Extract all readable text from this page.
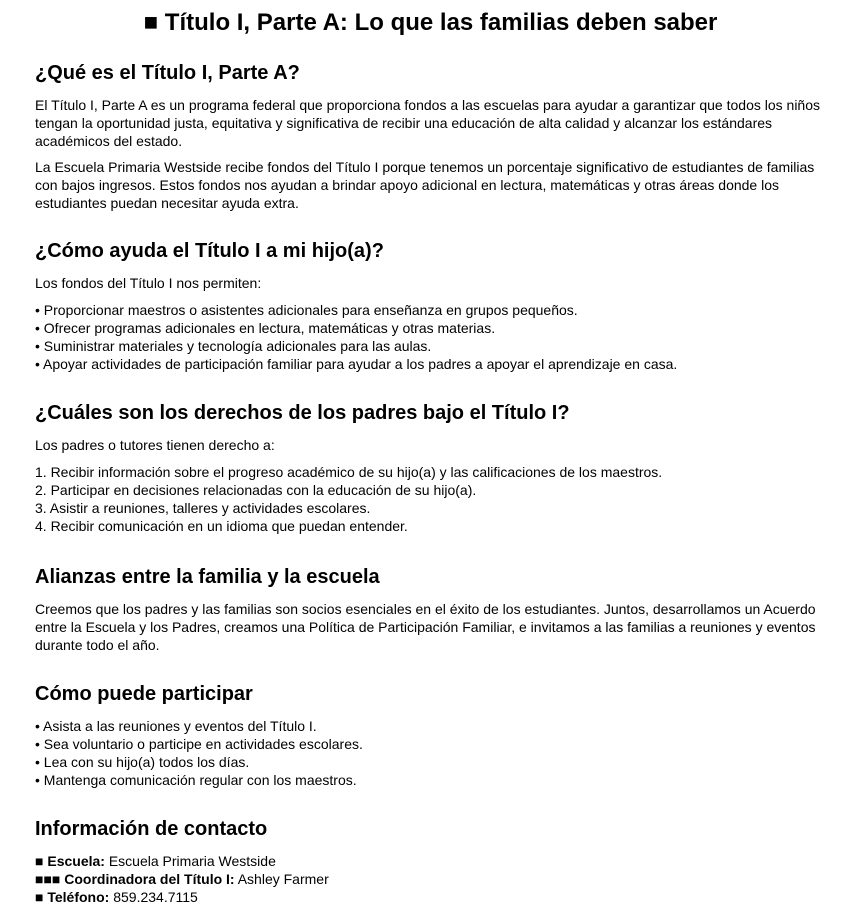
■ Título I, Parte A: Lo que las familias deben saber
¿Qué es el Título I, Parte A?

El Título I, Parte A es un programa federal que proporciona fondos a las escuelas para ayudar a garantizar que todos los niños tengan la oportunidad justa, equitativa y significativa de recibir una educación de alta calidad y alcanzar los estándares académicos del estado.

La Escuela Primaria Westside recibe fondos del Título I porque tenemos un porcentaje significativo de estudiantes de familias con bajos ingresos. Estos fondos nos ayudan a brindar apoyo adicional en lectura, matemáticas y otras áreas donde los estudiantes puedan necesitar ayuda extra.

¿Cómo ayuda el Título I a mi hijo(a)?

Los fondos del Título I nos permiten:

• Proporcionar maestros o asistentes adicionales para enseñanza en grupos pequeños.
• Ofrecer programas adicionales en lectura, matemáticas y otras materias.
• Suministrar materiales y tecnología adicionales para las aulas.
• Apoyar actividades de participación familiar para ayudar a los padres a apoyar el aprendizaje en casa.
¿Cuáles son los derechos de los padres bajo el Título I?

Los padres o tutores tienen derecho a:

1. Recibir información sobre el progreso académico de su hijo(a) y las calificaciones de los maestros.
2. Participar en decisiones relacionadas con la educación de su hijo(a).
3. Asistir a reuniones, talleres y actividades escolares.
4. Recibir comunicación en un idioma que puedan entender.
Alianzas entre la familia y la escuela

Creemos que los padres y las familias son socios esenciales en el éxito de los estudiantes. Juntos, desarrollamos un Acuerdo entre la Escuela y los Padres, creamos una Política de Participación Familiar, e invitamos a las familias a reuniones y eventos durante todo el año.

Cómo puede participar
• Asista a las reuniones y eventos del Título I.
• Sea voluntario o participe en actividades escolares.
• Lea con su hijo(a) todos los días.
• Mantenga comunicación regular con los maestros.
Información de contacto
■ Escuela: Escuela Primaria Westside
■■■ Coordinadora del Título I: Ashley Farmer
■ Teléfono: 859.234.7115
